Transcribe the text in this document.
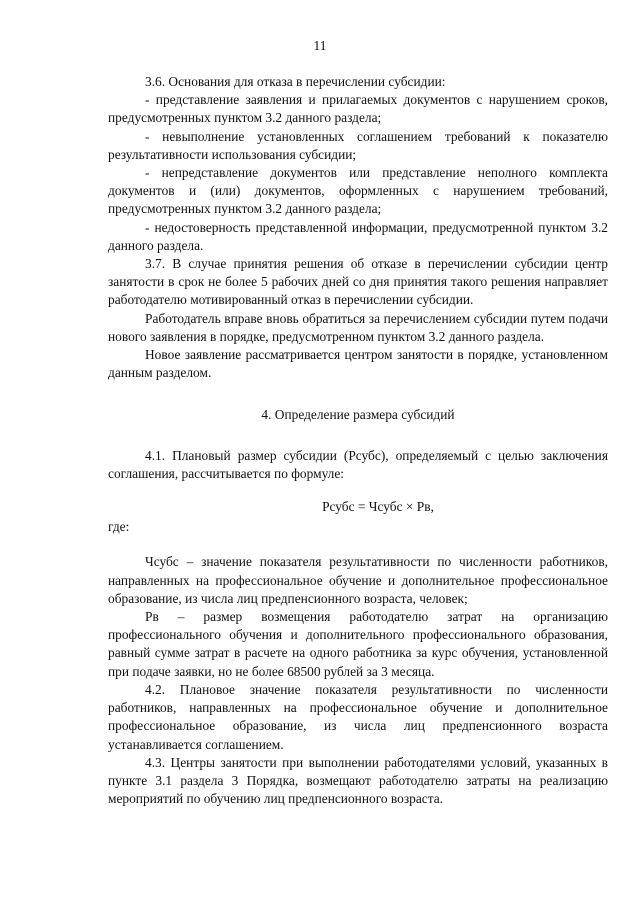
11

3.6. Основания для отказа в перечислении субсидии:

- представление заявления и прилагаемых документов с нарушением сроков, предусмотренных пунктом 3.2 данного раздела;

- невыполнение установленных соглашением требований к показателю результативности использования субсидии;

- непредставление документов или представление неполного комплекта документов и (или) документов, оформленных с нарушением требований, предусмотренных пунктом 3.2 данного раздела;

- недостоверность представленной информации, предусмотренной пунктом 3.2 данного раздела.

3.7. В случае принятия решения об отказе в перечислении субсидии центр занятости в срок не более 5 рабочих дней со дня принятия такого решения направляет работодателю мотивированный отказ в перечислении субсидии.

Работодатель вправе вновь обратиться за перечислением субсидии путем подачи нового заявления в порядке, предусмотренном пунктом 3.2 данного раздела.

Новое заявление рассматривается центром занятости в порядке, установленном данным разделом.

4. Определение размера субсидий

4.1. Плановый размер субсидии (Рсубс), определяемый с целью заключения соглашения, рассчитывается по формуле:

Рсубс = Чсубс × Рв,

где:

Чсубс – значение показателя результативности по численности работников, направленных на профессиональное обучение и дополнительное профессиональное образование, из числа лиц предпенсионного возраста, человек;

Рв – размер возмещения работодателю затрат на организацию профессионального обучения и дополнительного профессионального образования, равный сумме затрат в расчете на одного работника за курс обучения, установленной при подаче заявки, но не более 68500 рублей за 3 месяца.

4.2. Плановое значение показателя результативности по численности работников, направленных на профессиональное обучение и дополнительное профессиональное образование, из числа лиц предпенсионного возраста устанавливается соглашением.

4.3. Центры занятости при выполнении работодателями условий, указанных в пункте 3.1 раздела 3 Порядка, возмещают работодателю затраты на реализацию мероприятий по обучению лиц предпенсионного возраста.
